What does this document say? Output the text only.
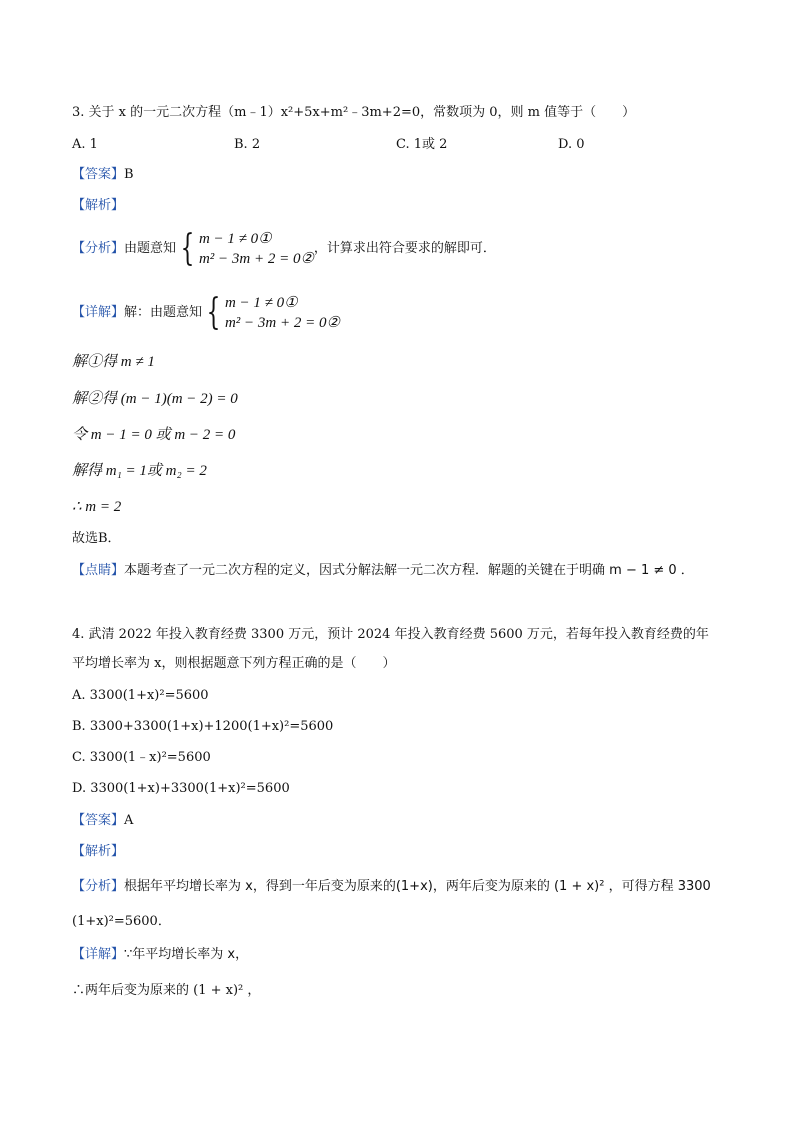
3. 关于 x 的一元二次方程（m﹣1）x²+5x+m²﹣3m+2=0，常数项为 0，则 m 值等于（　　）
A. 1	B. 2	C. 1或 2	D. 0
【答案】B
【解析】
【分析】由题意知 { m − 1 ≠ 0①
m² − 3m + 2 = 0②
，计算求出符合要求的解即可．
【详解】解：由题意知 { m − 1 ≠ 0①
m² − 3m + 2 = 0②
解①得 m ≠ 1
解②得 (m − 1)(m − 2) = 0
令 m − 1 = 0 或 m − 2 = 0
解得 m₁ = 1或 m₂ = 2
∴ m = 2
故选B．
【点睛】本题考查了一元二次方程的定义，因式分解法解一元二次方程．解题的关键在于明确 m − 1 ≠ 0 ．
4. 武清 2022 年投入教育经费 3300 万元，预计 2024 年投入教育经费 5600 万元，若每年投入教育经费的年
平均增长率为 x，则根据题意下列方程正确的是（　　）
A. 3300(1+x)²=5600
B. 3300+3300(1+x)+1200(1+x)²=5600
C. 3300(1﹣x)²=5600
D. 3300(1+x)+3300(1+x)²=5600
【答案】A
【解析】
【分析】根据年平均增长率为 x，得到一年后变为原来的(1+x)，两年后变为原来的 (1 + x)² ，可得方程 3300
(1+x)²=5600．
【详解】∵年平均增长率为 x，
∴两年后变为原来的 (1 + x)² ，
